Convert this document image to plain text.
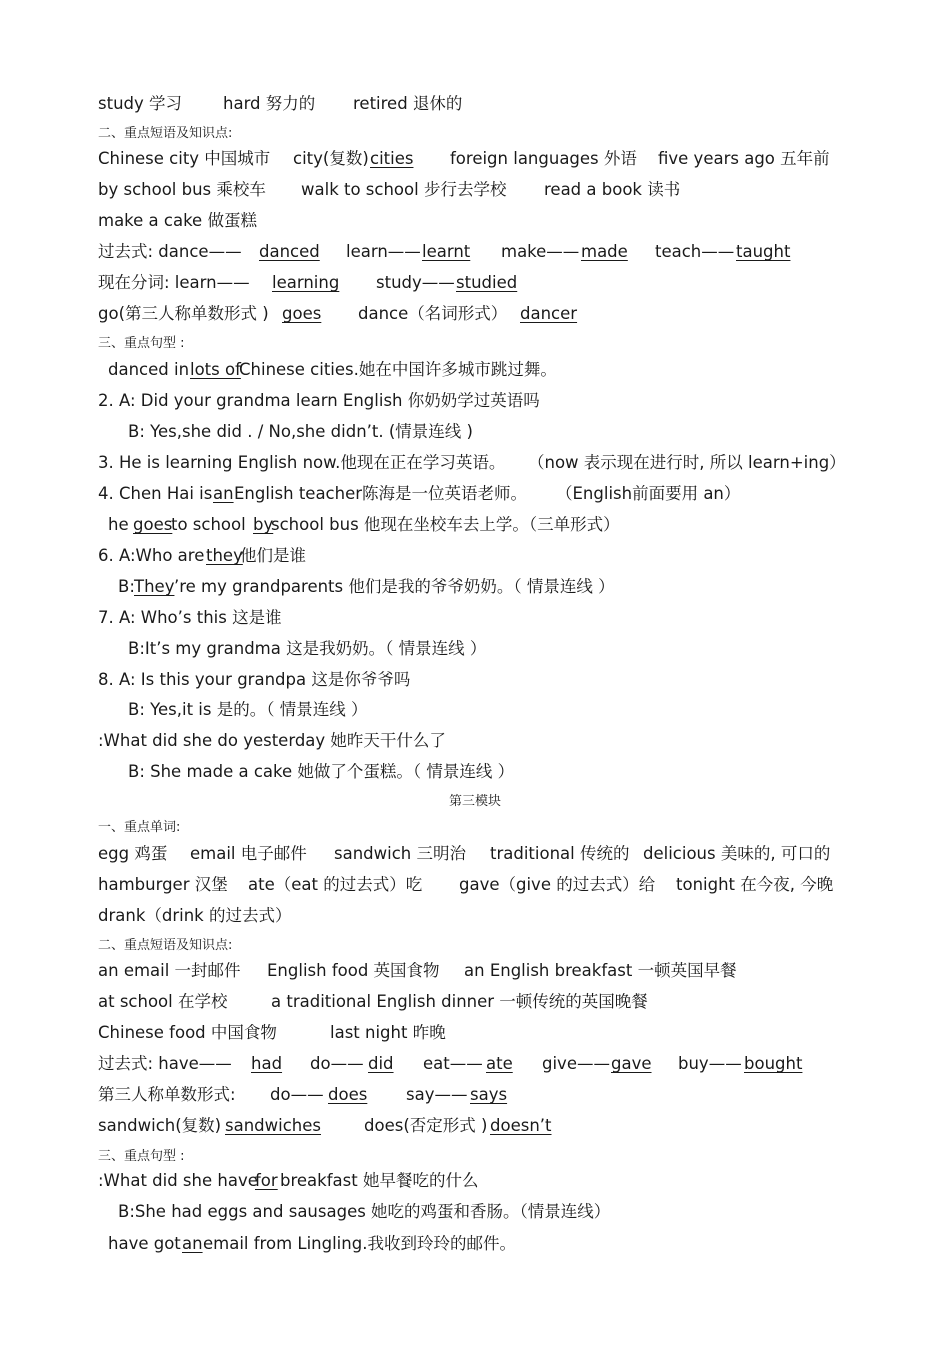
study 学习 hard 努力的 retired 退休的
二、重点短语及知识点:
Chinese city 中国城市 city(复数) cities foreign languages 外语 five years ago 五年前
by school bus 乘校车 walk to school 步行去学校 read a book 读书
make a cake 做蛋糕
过去式: dance—— danced learn—— learnt make—— made teach—— taught
现在分词: learn—— learning study—— studied
go(第三人称单数形式 ) goes dance（名词形式） dancer
三、重点句型 :
danced in lots of
Chinese cities.她在中国许多城市跳过舞。
2. A: Did your grandma learn English 你奶奶学过英语吗
B: Yes,she did . / No,she didn’t. (情景连线 )
3. He is learning English now.他现在正在学习英语。 （now 表示现在进行时, 所以 learn+ing）
4. Chen Hai is an English teacher陈海是一位英语老师。 （English前面要用 an）
he goes
to school by
school bus 他现在坐校车去上学。（三单形式）
6. A:Who are they
他们是谁
B: They ’re my grandparents 他们是我的爷爷奶奶。（ 情景连线 ）
7. A: Who’s this 这是谁
B:It’s my grandma 这是我奶奶。（ 情景连线 ）
8. A: Is this your grandpa 这是你爷爷吗
B: Yes,it is 是的。（ 情景连线 ）
:What did she do yesterday 她昨天干什么了
B: She made a cake 她做了个蛋糕。（ 情景连线 ）
第三模块
一、重点单词:
egg 鸡蛋 email 电子邮件 sandwich 三明治 traditional 传统的 delicious 美味的, 可口的
hamburger 汉堡 ate（eat 的过去式）吃 gave（give 的过去式）给 tonight 在今夜, 今晚
drank（drink 的过去式）
二、重点短语及知识点:
an email 一封邮件 English food 英国食物 an English breakfast 一顿英国早餐
at school 在学校	a traditional English dinner 一顿传统的英国晚餐
Chinese food 中国食物	last night 昨晚
过去式: have—— had do—— did eat—— ate give—— gave buy—— bought
第三人称单数形式: do—— does say—— says
sandwich(复数) sandwiches	does(否定形式 ) doesn’t
三、重点句型 :
:What did she have
for breakfast 她早餐吃的什么
B:She had eggs and sausages 她吃的鸡蛋和香肠。（情景连线）
have got an email from Lingling.我收到玲玲的邮件。
